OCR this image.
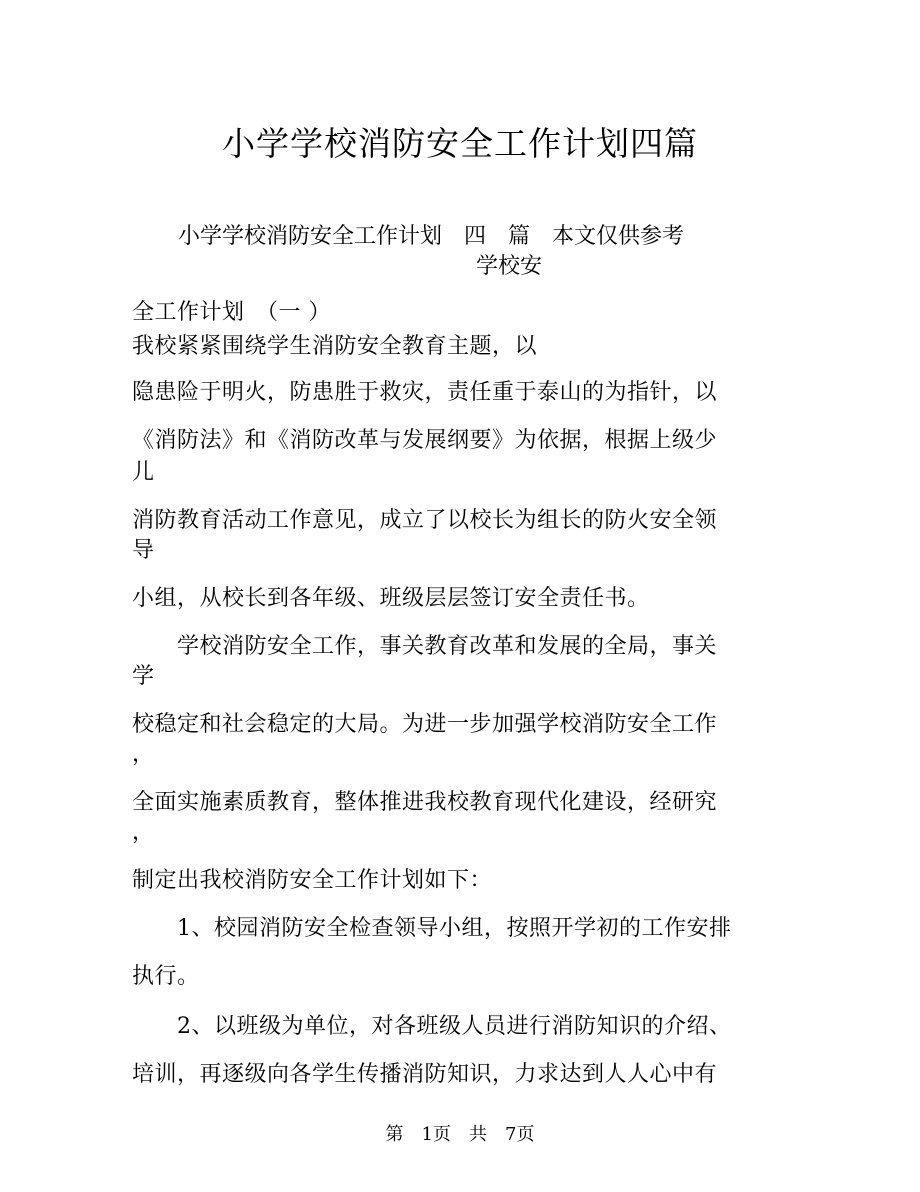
小学学校消防安全工作计划四篇
小学学校消防安全工作计划　四　篇　本文仅供参考
学校安
全工作计划　（一 ）
我校紧紧围绕学生消防安全教育主题，以
隐患险于明火，防患胜于救灾，责任重于泰山的为指针，以
《消防法》和《消防改革与发展纲要》为依据，根据上级少
儿
消防教育活动工作意见，成立了以校长为组长的防火安全领
导
小组，从校长到各年级、班级层层签订安全责任书。
　　学校消防安全工作，事关教育改革和发展的全局，事关
学
校稳定和社会稳定的大局。为进一步加强学校消防安全工作
，
全面实施素质教育，整体推进我校教育现代化建设，经研究
，
制定出我校消防安全工作计划如下：
　　1、校园消防安全检查领导小组，按照开学初的工作安排
执行。
　　2、以班级为单位，对各班级人员进行消防知识的介绍、
培训，再逐级向各学生传播消防知识，力求达到人人心中有
第　1页　共　7页
